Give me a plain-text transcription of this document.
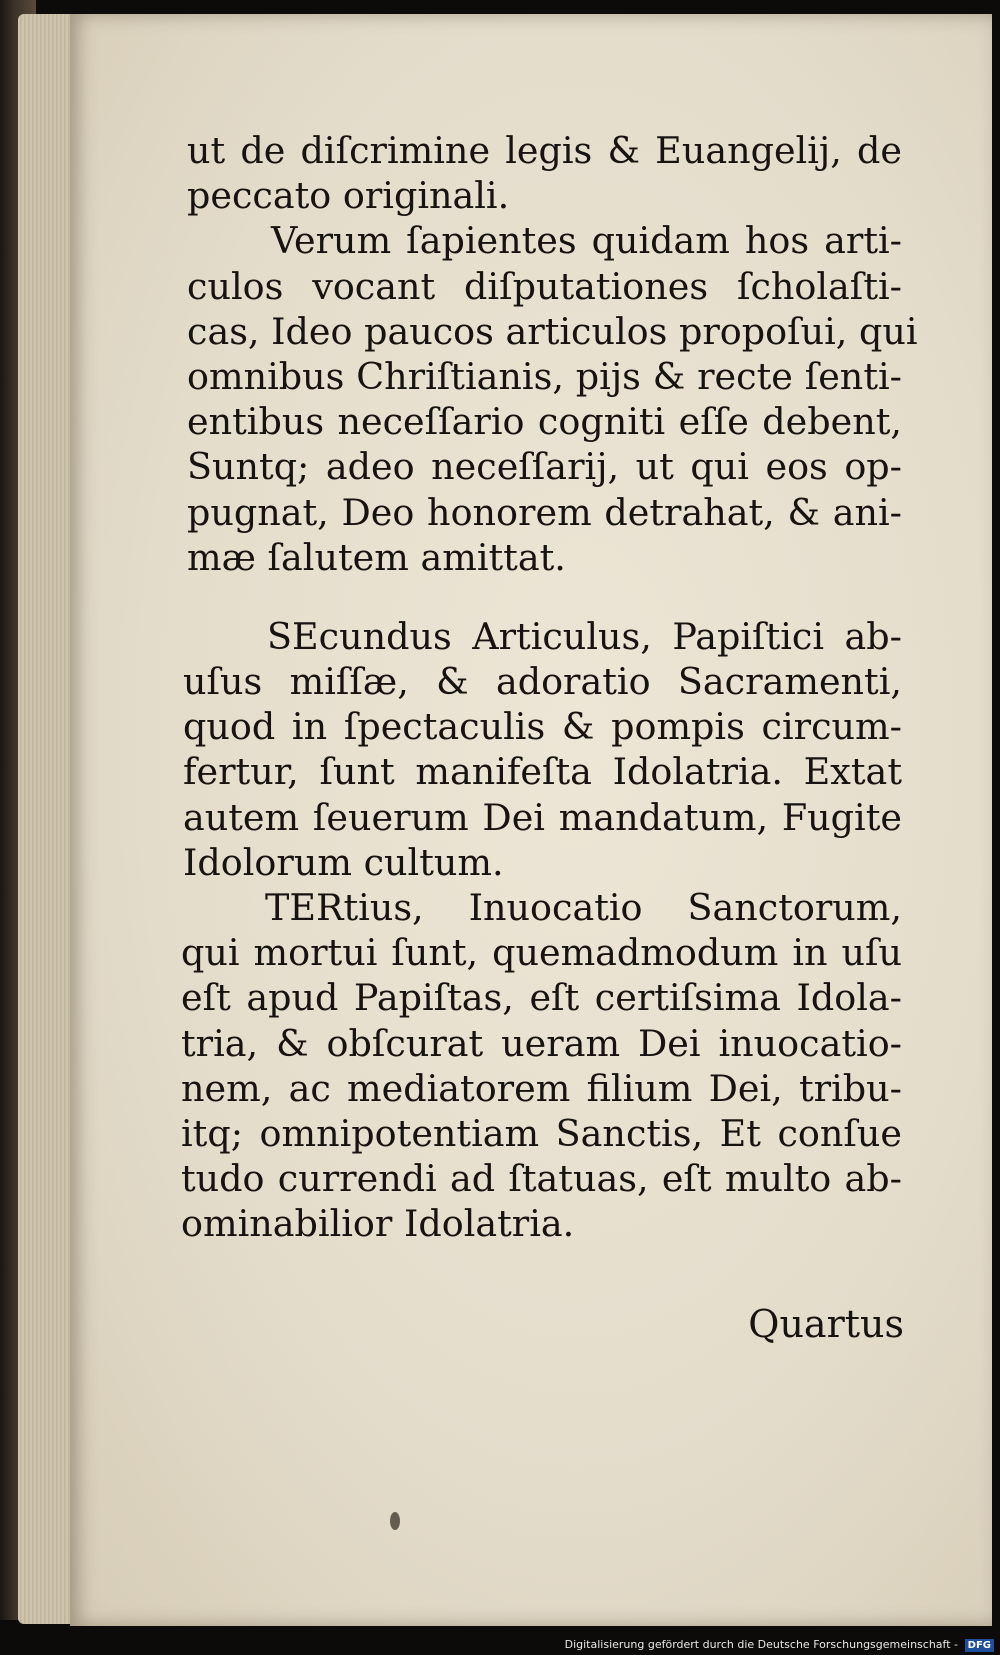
ut de diſcrimine legis & Euangelij, de
peccato originali.
Verum ſapientes quidam hos arti-
culos vocant diſputationes ſcholaſti-
cas, Ideo paucos articulos propoſui, qui
omnibus Chriſtianis, pijs & recte ſenti-
entibus neceſſario cogniti eſſe debent,
Suntq; adeo neceſſarij, ut qui eos op-
pugnat, Deo honorem detrahat, & ani-
mæ ſalutem amittat.
SEcundus Articulus, Papiſtici ab-
uſus miſſæ, & adoratio Sacramenti,
quod in ſpectaculis & pompis circum-
fertur, ſunt manifeſta Idolatria. Extat
autem ſeuerum Dei mandatum, Fugite
Idolorum cultum.
TERtius, Inuocatio Sanctorum,
qui mortui ſunt, quemadmodum in uſu
eſt apud Papiſtas, eſt certiſsima Idola-
tria, & obſcurat ueram Dei inuocatio-
nem, ac mediatorem filium Dei, tribu-
itq; omnipotentiam Sanctis, Et conſue
tudo currendi ad ſtatuas, eſt multo ab-
ominabilior Idolatria.
Quartus
Digitalisierung gefördert durch die Deutsche Forschungsgemeinschaft - DFG
